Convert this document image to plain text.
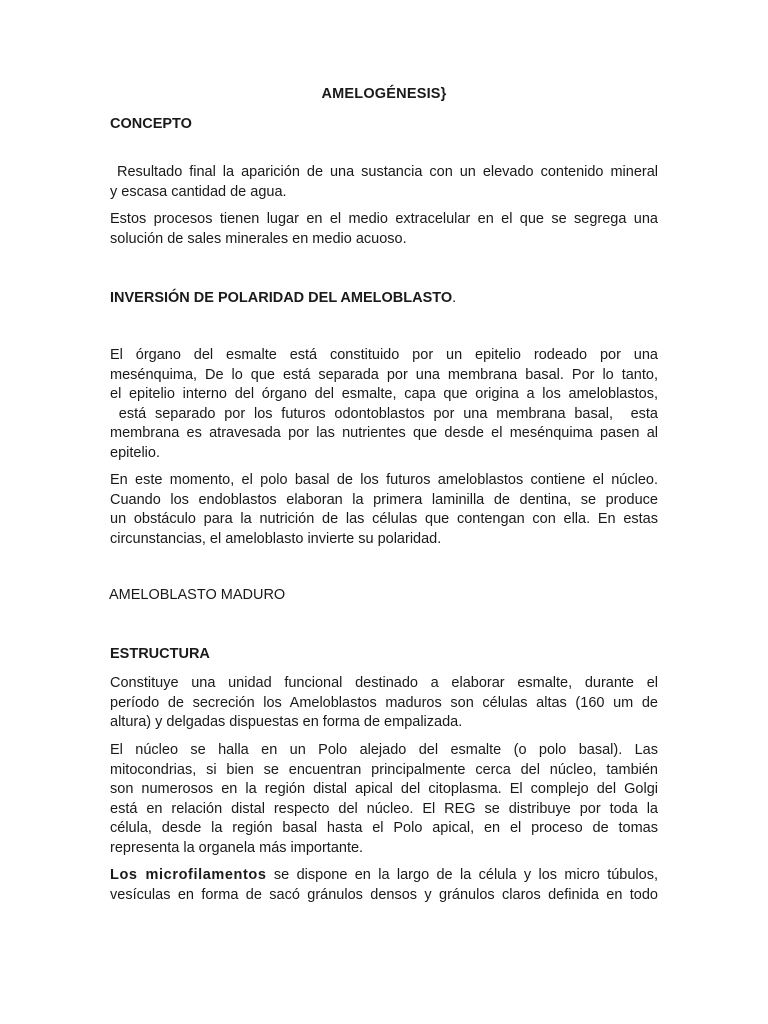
AMELOGÉNESIS}
CONCEPTO
Resultado final la aparición de una sustancia con un elevado contenido mineral
y escasa cantidad de agua.
Estos procesos tienen lugar en el medio extracelular en el que se segrega una
solución de sales minerales en medio acuoso.
INVERSIÓN DE POLARIDAD DEL AMELOBLASTO.
El órgano del esmalte está constituido por un epitelio rodeado por una
mesénquima, De lo que está separada por una membrana basal. Por lo tanto,
el epitelio interno del órgano del esmalte, capa que origina a los ameloblastos,
está separado por los futuros odontoblastos por una membrana basal,  esta
membrana es atravesada por las nutrientes que desde el mesénquima pasen al
epitelio.
En este momento, el polo basal de los futuros ameloblastos contiene el núcleo.
Cuando los endoblastos elaboran la primera laminilla de dentina, se produce
un obstáculo para la nutrición de las células que contengan con ella. En estas
circunstancias, el ameloblasto invierte su polaridad.
AMELOBLASTO MADURO
ESTRUCTURA
Constituye una unidad funcional destinado a elaborar esmalte, durante el
período de secreción los Ameloblastos maduros son células altas (160 um de
altura) y delgadas dispuestas en forma de empalizada.
El núcleo se halla en un Polo alejado del esmalte (o polo basal). Las
mitocondrias, si bien se encuentran principalmente cerca del núcleo, también
son numerosos en la región distal apical del citoplasma. El complejo del Golgi
está en relación distal respecto del núcleo. El REG se distribuye por toda la
célula, desde la región basal hasta el Polo apical, en el proceso de tomas
representa la organela más importante.
Los microfilamentos se dispone en la largo de la célula y los micro túbulos,
vesículas en forma de sacó gránulos densos y gránulos claros definida en todo
